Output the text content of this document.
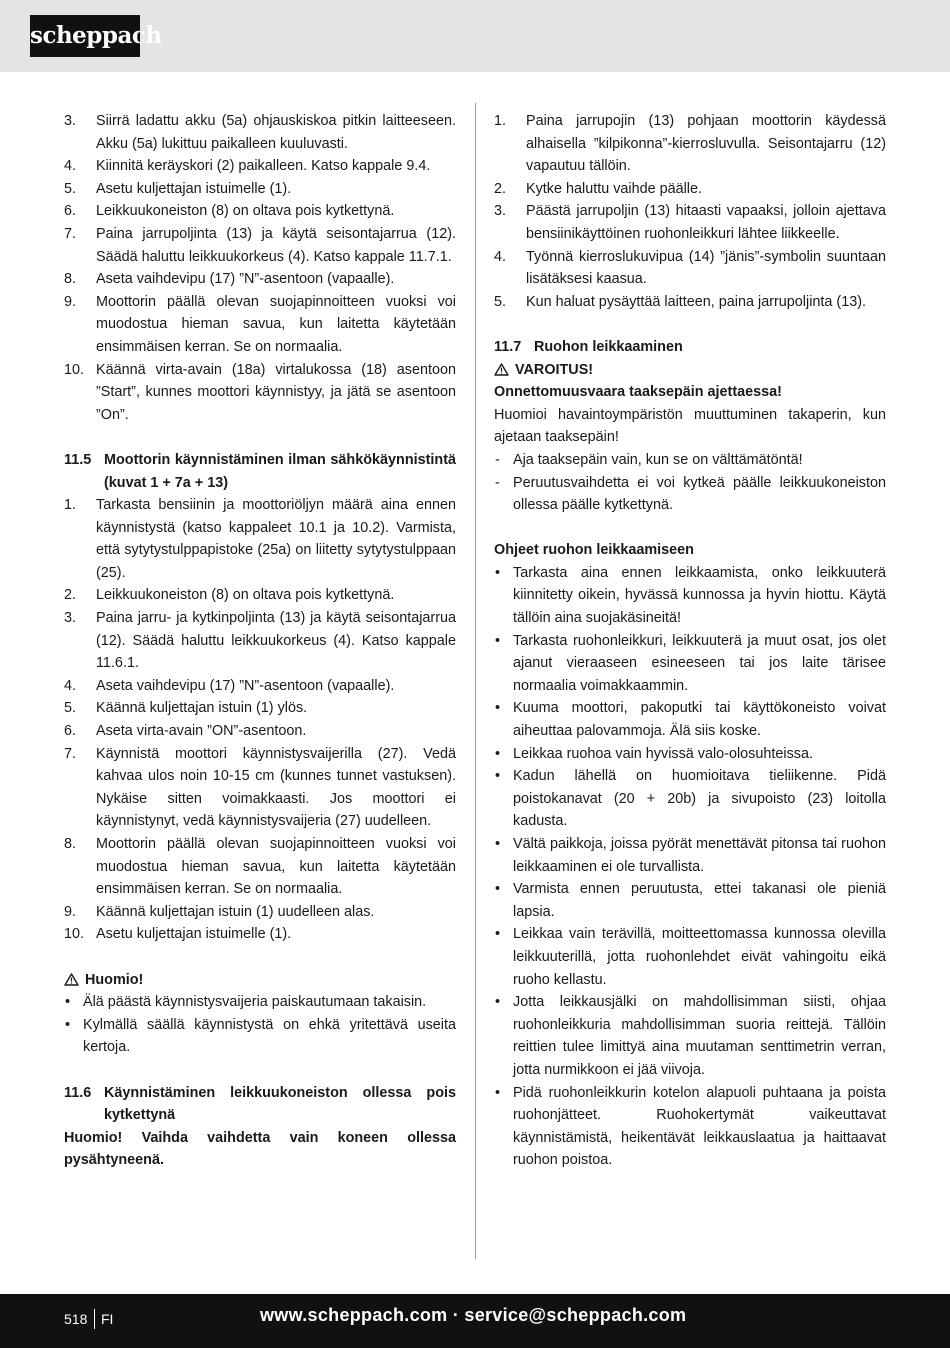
scheppach
3. Siirrä ladattu akku (5a) ohjauskiskoa pitkin laitteeseen. Akku (5a) lukittuu paikalleen kuuluvasti.
4. Kiinnitä keräyskori (2) paikalleen. Katso kappale 9.4.
5. Asetu kuljettajan istuimelle (1).
6. Leikkuukoneiston (8) on oltava pois kytkettynä.
7. Paina jarrupoljinta (13) ja käytä seisontajarrua (12). Säädä haluttu leikkuukorkeus (4). Katso kappale 11.7.1.
8. Aseta vaihdevipu (17) ”N”-asentoon (vapaalle).
9. Moottorin päällä olevan suojapinnoitteen vuoksi voi muodostua hieman savua, kun laitetta käytetään ensimmäisen kerran. Se on normaalia.
10. Käännä virta-avain (18a) virtalukossa (18) asentoon ”Start”, kunnes moottori käynnistyy, ja jätä se asentoon ”On”.
11.5 Moottorin käynnistäminen ilman sähkökäynnistintä (kuvat 1 + 7a + 13)
1. Tarkasta bensiinin ja moottoriöljyn määrä aina ennen käynnistystä (katso kappaleet 10.1 ja 10.2). Varmista, että sytytystulppapistoke (25a) on liitetty sytytystulppaan (25).
2. Leikkuukoneiston (8) on oltava pois kytkettynä.
3. Paina jarru- ja kytkinpoljinta (13) ja käytä seisontajarrua (12). Säädä haluttu leikkuukorkeus (4). Katso kappale 11.6.1.
4. Aseta vaihdevipu (17) ”N”-asentoon (vapaalle).
5. Käännä kuljettajan istuin (1) ylös.
6. Aseta virta-avain ”ON”-asentoon.
7. Käynnistä moottori käynnistysvaijerilla (27). Vedä kahvaa ulos noin 10-15 cm (kunnes tunnet vastuksen). Nykäise sitten voimakkaasti. Jos moottori ei käynnistynyt, vedä käynnistysvaijeria (27) uudelleen.
8. Moottorin päällä olevan suojapinnoitteen vuoksi voi muodostua hieman savua, kun laitetta käytetään ensimmäisen kerran. Se on normaalia.
9. Käännä kuljettajan istuin (1) uudelleen alas.
10. Asetu kuljettajan istuimelle (1).
Huomio!
• Älä päästä käynnistysvaijeria paiskautumaan takaisin.
• Kylmällä säällä käynnistystä on ehkä yritettävä useita kertoja.
11.6 Käynnistäminen leikkuukoneiston ollessa pois kytkettynä
Huomio! Vaihda vaihdetta vain koneen ollessa pysähtyneenä.
1. Paina jarrupojin (13) pohjaan moottorin käydessä alhaisella ”kilpikonna”-kierrosluvulla. Seisontajarru (12) vapautuu tällöin.
2. Kytke haluttu vaihde päälle.
3. Päästä jarrupoljin (13) hitaasti vapaaksi, jolloin ajettava bensiinikäyttöinen ruohonleikkuri lähtee liikkeelle.
4. Työnnä kierroslukuvipua (14) ”jänis”-symbolin suuntaan lisätäksesi kaasua.
5. Kun haluat pysäyttää laitteen, paina jarrupoljinta (13).
11.7 Ruohon leikkaaminen
VAROITUS!
Onnettomuusvaara taaksepäin ajettaessa!
Huomioi havaintoympäristön muuttuminen takaperin, kun ajetaan taaksepäin!
- Aja taaksepäin vain, kun se on välttämätöntä!
- Peruutusvaihdetta ei voi kytkeä päälle leikkuukoneiston ollessa päälle kytkettynä.
Ohjeet ruohon leikkaamiseen
• Tarkasta aina ennen leikkaamista, onko leikkuuterä kiinnitetty oikein, hyvässä kunnossa ja hyvin hiottu. Käytä tällöin aina suojakäsineitä!
• Tarkasta ruohonleikkuri, leikkuuterä ja muut osat, jos olet ajanut vieraaseen esineeseen tai jos laite tärisee normaalia voimakkaammin.
• Kuuma moottori, pakoputki tai käyttökoneisto voivat aiheuttaa palovammoja. Älä siis koske.
• Leikkaa ruohoa vain hyvissä valo-olosuhteissa.
• Kadun lähellä on huomioitava tieliikenne. Pidä poistokanavat (20 + 20b) ja sivupoisto (23) loitolla kadusta.
• Vältä paikkoja, joissa pyörät menettävät pitonsa tai ruohon leikkaaminen ei ole turvallista.
• Varmista ennen peruutusta, ettei takanasi ole pieniä lapsia.
• Leikkaa vain terävillä, moitteettomassa kunnossa olevilla leikkuuterillä, jotta ruohonlehdet eivät vahingoitu eikä ruoho kellastu.
• Jotta leikkausjälki on mahdollisimman siisti, ohjaa ruohonleikkuria mahdollisimman suoria reittejä. Tällöin reittien tulee limittyä aina muutaman senttimetrin verran, jotta nurmikkoon ei jää viivoja.
• Pidä ruohonleikkurin kotelon alapuoli puhtaana ja poista ruohonjätteet. Ruohokertymät vaikeuttavat käynnistämistä, heikentävät leikkauslaatua ja haittaavat ruohon poistoa.
518 FI	www.scheppach.com · service@scheppach.com
